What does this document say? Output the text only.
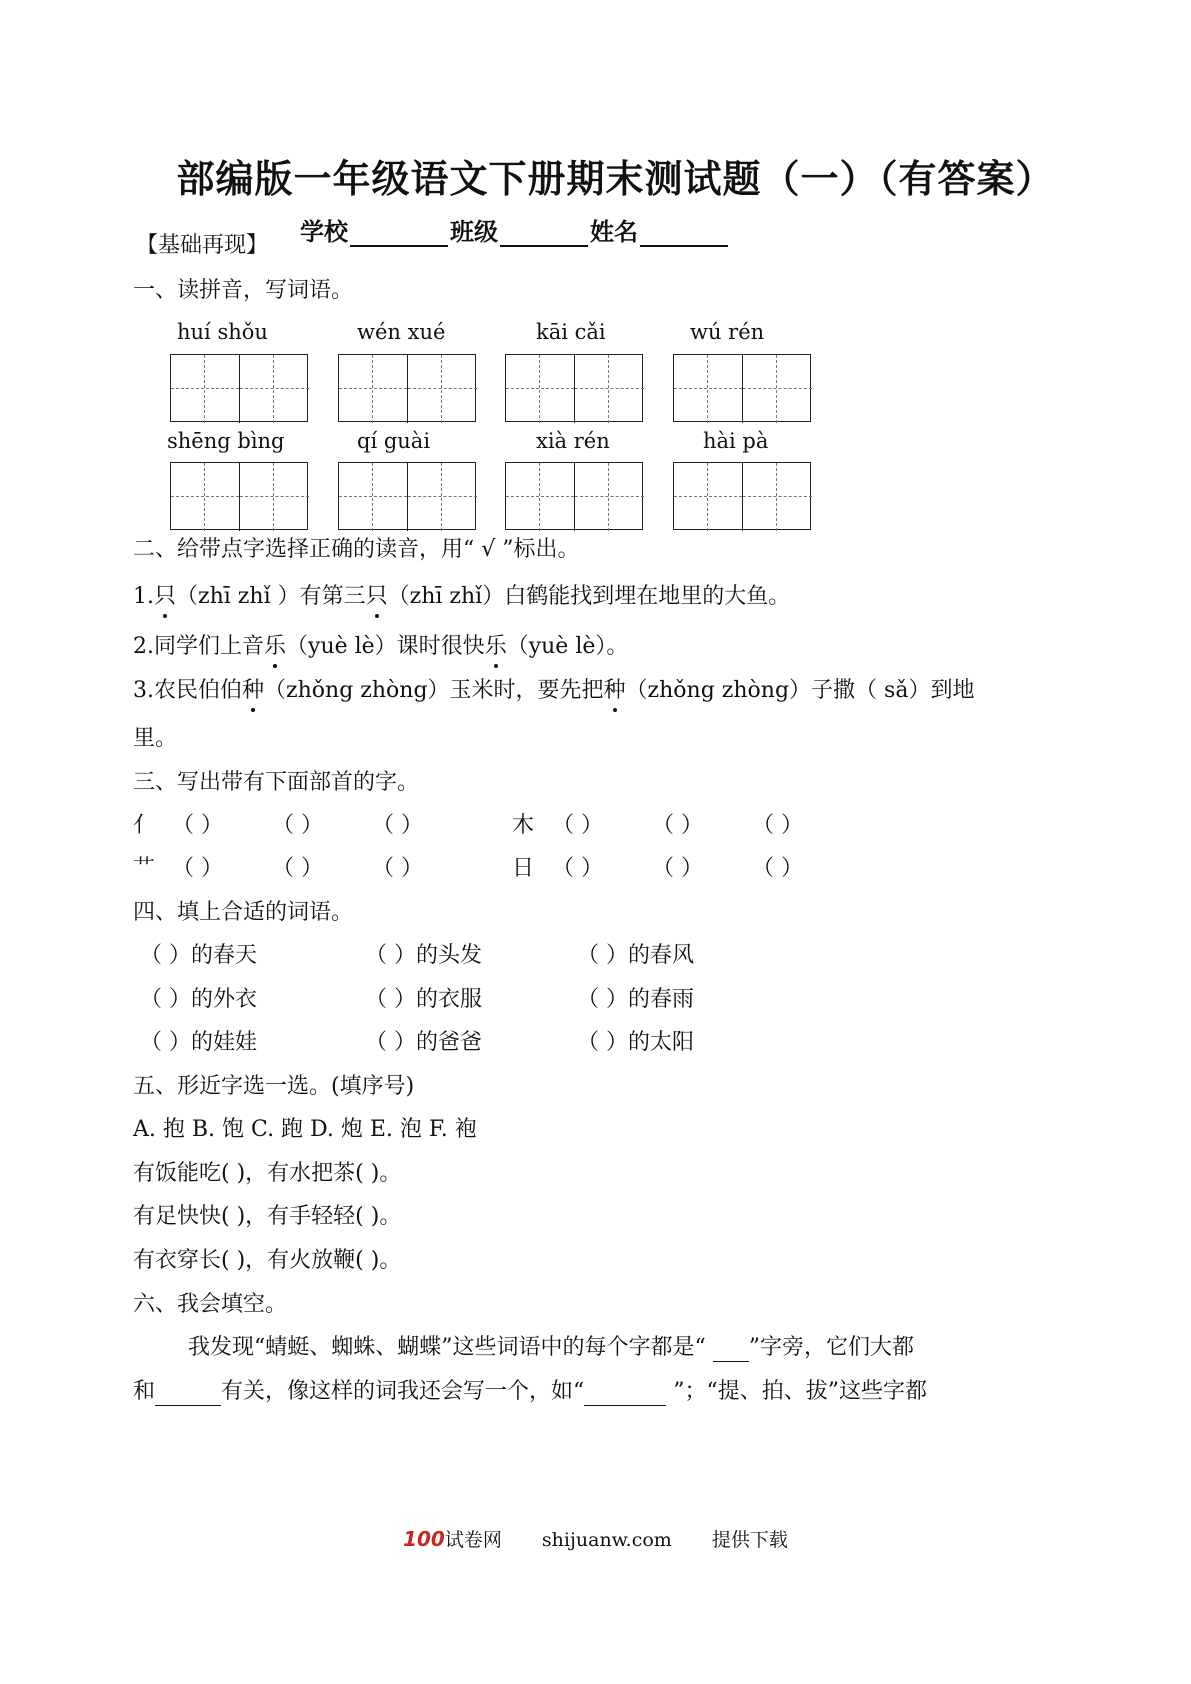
部编版一年级语文下册期末测试题（一）（有答案）
学校	班级	姓名
【基础再现】
一、读拼音，写词语。
huí shǒu	wén xué	kāi cǎi	wú rén
shēng bìng	qí guài	xià rén	hài pà
二、给带点字选择正确的读音，用“ √ ”标出。
1.只（zhī zhǐ ）有第三只（zhī zhǐ）白鹤能找到埋在地里的大鱼。
2.同学们上音乐（yuè lè）课时很快乐（yuè lè）。
3.农民伯伯种（zhǒng zhòng）玉米时，要先把种（zhǒng zhòng）子撒（ sǎ）到地
里。
三、写出带有下面部首的字。
亻 （ ） （ ） （ ）	木 （ ） （ ） （ ）
艹 （ ） （ ） （ ）	日 （ ） （ ） （ ）
四、填上合适的词语。
（ ）的春天	（ ）的头发	（ ）的春风
（ ）的外衣	（ ）的衣服	（ ）的春雨
（ ）的娃娃	（ ）的爸爸	（ ）的太阳
五、形近字选一选。(填序号)
A. 抱 B. 饱 C. 跑 D. 炮 E. 泡 F. 袍
有饭能吃( )，有水把茶( )。
有足快快( )，有手轻轻( )。
有衣穿长( )，有火放鞭( )。
六、我会填空。
我发现“蜻蜓、蜘蛛、蝴蝶”这些词语中的每个字都是“ ”字旁，它们大都
和	有关，像这样的词我还会写一个，如“	”；“提、拍、拔”这些字都
100试卷网 shijuanw.com 提供下载
